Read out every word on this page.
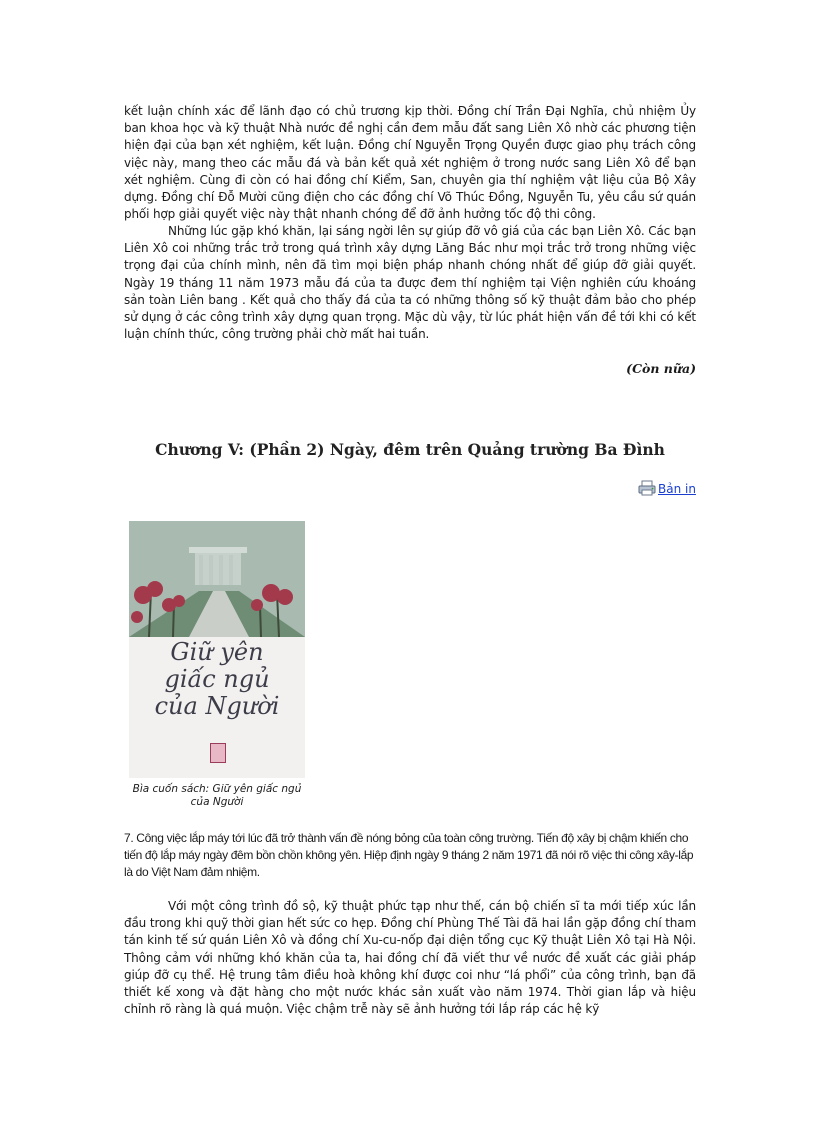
kết luận chính xác để lãnh đạo có chủ trương kịp thời. Đồng chí Trần Đại Nghĩa, chủ nhiệm Ủy ban khoa học và kỹ thuật Nhà nước đề nghị cần đem mẫu đất sang Liên Xô nhờ các phương tiện hiện đại của bạn xét nghiệm, kết luận. Đồng chí Nguyễn Trọng Quyền được giao phụ trách công việc này, mang theo các mẫu đá và bản kết quả xét nghiệm ở trong nước sang Liên Xô để bạn xét nghiệm. Cùng đi còn có hai đồng chí Kiểm, San, chuyên gia thí nghiệm vật liệu của Bộ Xây dựng. Đồng chí Đỗ Mười cũng điện cho các đồng chí Võ Thúc Đồng, Nguyễn Tu, yêu cầu sứ quán phối hợp giải quyết việc này thật nhanh chóng để đỡ ảnh hưởng tốc độ thi công.
Những lúc gặp khó khăn, lại sáng ngời lên sự giúp đỡ vô giá của các bạn Liên Xô. Các bạn Liên Xô coi những trắc trở trong quá trình xây dựng Lăng Bác như mọi trắc trở trong những việc trọng đại của chính mình, nên đã tìm mọi biện pháp nhanh chóng nhất để giúp đỡ giải quyết. Ngày 19 tháng 11 năm 1973 mẫu đá của ta được đem thí nghiệm tại Viện nghiên cứu khoáng sản toàn Liên bang . Kết quả cho thấy đá của ta có những thông số kỹ thuật đảm bảo cho phép sử dụng ở các công trình xây dựng quan trọng. Mặc dù vậy, từ lúc phát hiện vấn đề tới khi có kết luận chính thức, công trường phải chờ mất hai tuần.
(Còn nữa)
Chương V: (Phần 2) Ngày, đêm trên Quảng trường Ba Đình
Bản in
Giữ yên
giấc ngủ
của Người
Bìa cuốn sách: Giữ yên giấc ngủ của Người
7. Công việc lắp máy tới lúc đã trở thành vấn đề nóng bỏng của toàn công trường. Tiến độ xây bị chậm khiến cho tiến độ lắp máy ngày đêm bồn chồn không yên. Hiệp định ngày 9 tháng 2 năm 1971 đã nói rõ việc thi công xây-lắp là do Việt Nam đảm nhiệm.
Với một công trình đồ sộ, kỹ thuật phức tạp như thế, cán bộ chiến sĩ ta mới tiếp xúc lần đầu trong khi quỹ thời gian hết sức co hẹp. Đồng chí Phùng Thế Tài đã hai lần gặp đồng chí tham tán kinh tế sứ quán Liên Xô và đồng chí Xu-cu-nốp đại diện tổng cục Kỹ thuật Liên Xô tại Hà Nội. Thông cảm với những khó khăn của ta, hai đồng chí đã viết thư về nước đề xuất các giải pháp giúp đỡ cụ thể. Hệ trung tâm điều hoà không khí được coi như “lá phổi” của công trình, bạn đã thiết kế xong và đặt hàng cho một nước khác sản xuất vào năm 1974. Thời gian lắp và hiệu chỉnh rõ ràng là quá muộn. Việc chậm trễ này sẽ ảnh hưởng tới lắp ráp các hệ kỹ
